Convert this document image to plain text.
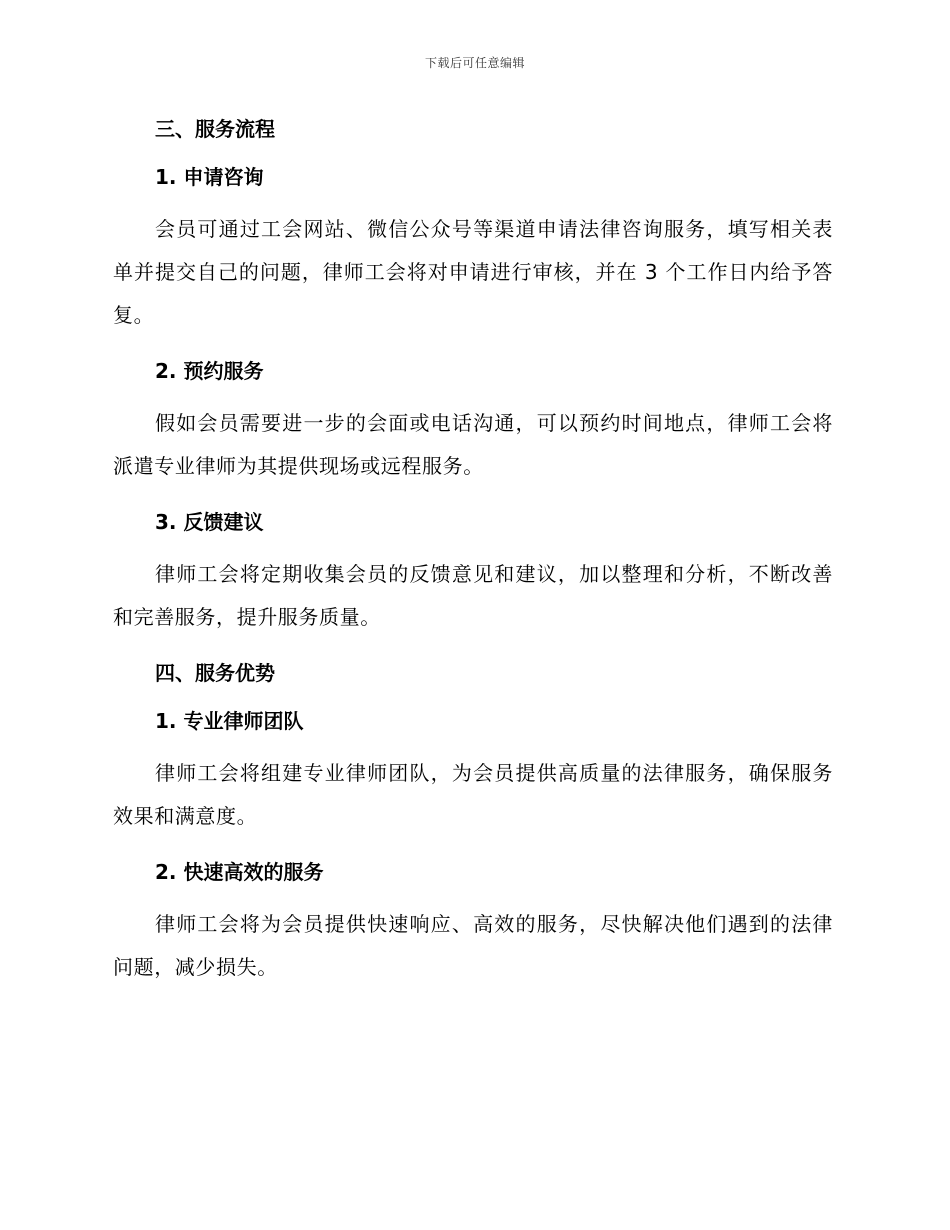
下载后可任意编辑
三、服务流程
1. 申请咨询

会员可通过工会网站、微信公众号等渠道申请法律咨询服务，填写相关表单并提交自己的问题，律师工会将对申请进行审核，并在 3 个工作日内给予答复。

2. 预约服务

假如会员需要进一步的会面或电话沟通，可以预约时间地点，律师工会将派遣专业律师为其提供现场或远程服务。

3. 反馈建议

律师工会将定期收集会员的反馈意见和建议，加以整理和分析，不断改善和完善服务，提升服务质量。

四、服务优势
1. 专业律师团队

律师工会将组建专业律师团队，为会员提供高质量的法律服务，确保服务效果和满意度。

2. 快速高效的服务

律师工会将为会员提供快速响应、高效的服务，尽快解决他们遇到的法律问题，减少损失。
